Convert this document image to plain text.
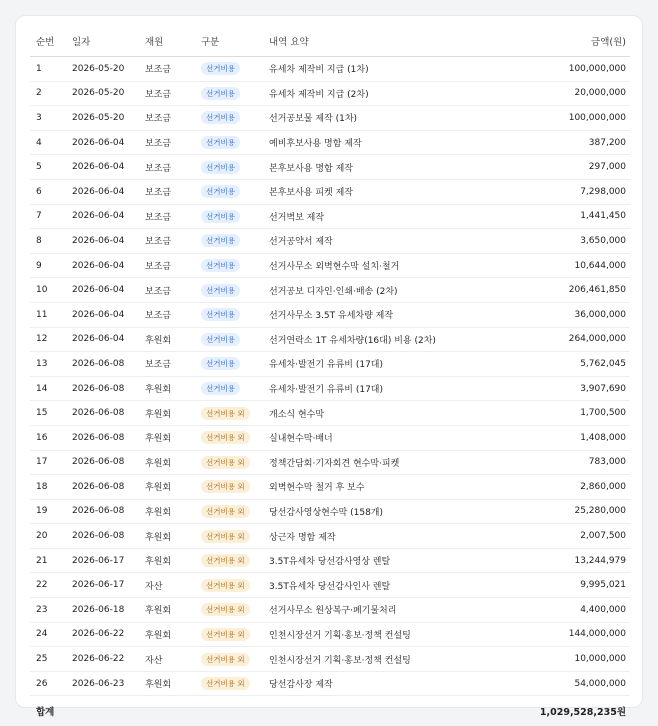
순번	일자	재원	구분	내역 요약	금액(원)
1	2026-05-20	보조금	선거비용	유세차 제작비 지급 (1차)	100,000,000
2	2026-05-20	보조금	선거비용	유세차 제작비 지급 (2차)	20,000,000
3	2026-05-20	보조금	선거비용	선거공보물 제작 (1차)	100,000,000
4	2026-06-04	보조금	선거비용	예비후보사용 명함 제작	387,200
5	2026-06-04	보조금	선거비용	본후보사용 명함 제작	297,000
6	2026-06-04	보조금	선거비용	본후보사용 피켓 제작	7,298,000
7	2026-06-04	보조금	선거비용	선거벽보 제작	1,441,450
8	2026-06-04	보조금	선거비용	선거공약서 제작	3,650,000
9	2026-06-04	보조금	선거비용	선거사무소 외벽현수막 설치·철거	10,644,000
10	2026-06-04	보조금	선거비용	선거공보 디자인·인쇄·배송 (2차)	206,461,850
11	2026-06-04	보조금	선거비용	선거사무소 3.5T 유세차량 제작	36,000,000
12	2026-06-04	후원회	선거비용	선거연락소 1T 유세차량(16대) 비용 (2차)	264,000,000
13	2026-06-08	보조금	선거비용	유세차·발전기 유류비 (17대)	5,762,045
14	2026-06-08	후원회	선거비용	유세차·발전기 유류비 (17대)	3,907,690
15	2026-06-08	후원회	선거비용 외	개소식 현수막	1,700,500
16	2026-06-08	후원회	선거비용 외	실내현수막·배너	1,408,000
17	2026-06-08	후원회	선거비용 외	정책간담회·기자회견 현수막·피켓	783,000
18	2026-06-08	후원회	선거비용 외	외벽현수막 철거 후 보수	2,860,000
19	2026-06-08	후원회	선거비용 외	당선감사영상현수막 (158개)	25,280,000
20	2026-06-08	후원회	선거비용 외	상근자 명함 제작	2,007,500
21	2026-06-17	후원회	선거비용 외	3.5T유세차 당선감사영상 렌탈	13,244,979
22	2026-06-17	자산	선거비용 외	3.5T유세차 당선감사인사 렌탈	9,995,021
23	2026-06-18	후원회	선거비용 외	선거사무소 원상복구·폐기물처리	4,400,000
24	2026-06-22	후원회	선거비용 외	인천시장선거 기획·홍보·정책 컨설팅	144,000,000
25	2026-06-22	자산	선거비용 외	인천시장선거 기획·홍보·정책 컨설팅	10,000,000
26	2026-06-23	후원회	선거비용 외	당선감사장 제작	54,000,000
합계					1,029,528,235원
